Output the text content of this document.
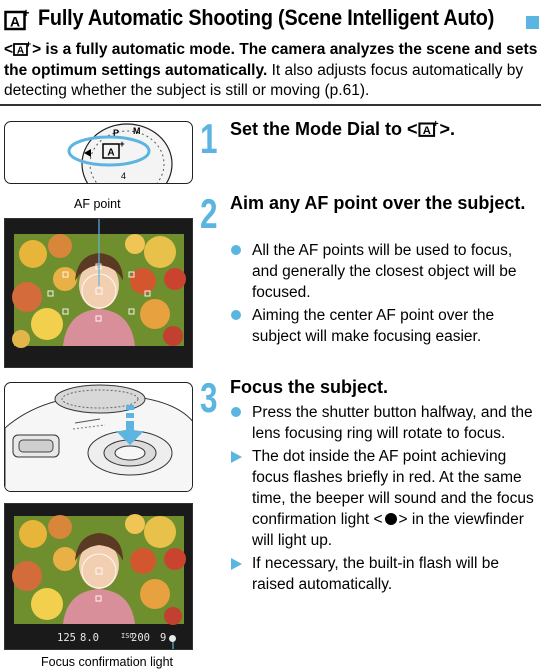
A
+ Fully Automatic Shooting (Scene Intelligent Auto)
< A
+ > is a fully automatic mode. The camera analyzes the scene and sets the optimum settings automatically. It also adjusts focus automatically by detecting whether the subject is still or moving (p.61).
P M
4
A
+ 1 Set the Mode Dial to < A
+ >.
AF point 2 Aim any AF point over the subject.
All the AF points will be used to focus, and generally the closest object will be focused.
Aiming the center AF point over the subject will make focusing easier.
3 Focus the subject.
Press the shutter button halfway, and the lens focusing ring will rotate to focus.
The dot inside the AF point achieving focus flashes briefly in red. At the same time, the beeper will sound and the focus confirmation light < > in the viewfinder will light up.
If necessary, the built-in flash will be raised automatically.
125 8.0	ISO
200 9
Focus confirmation light
